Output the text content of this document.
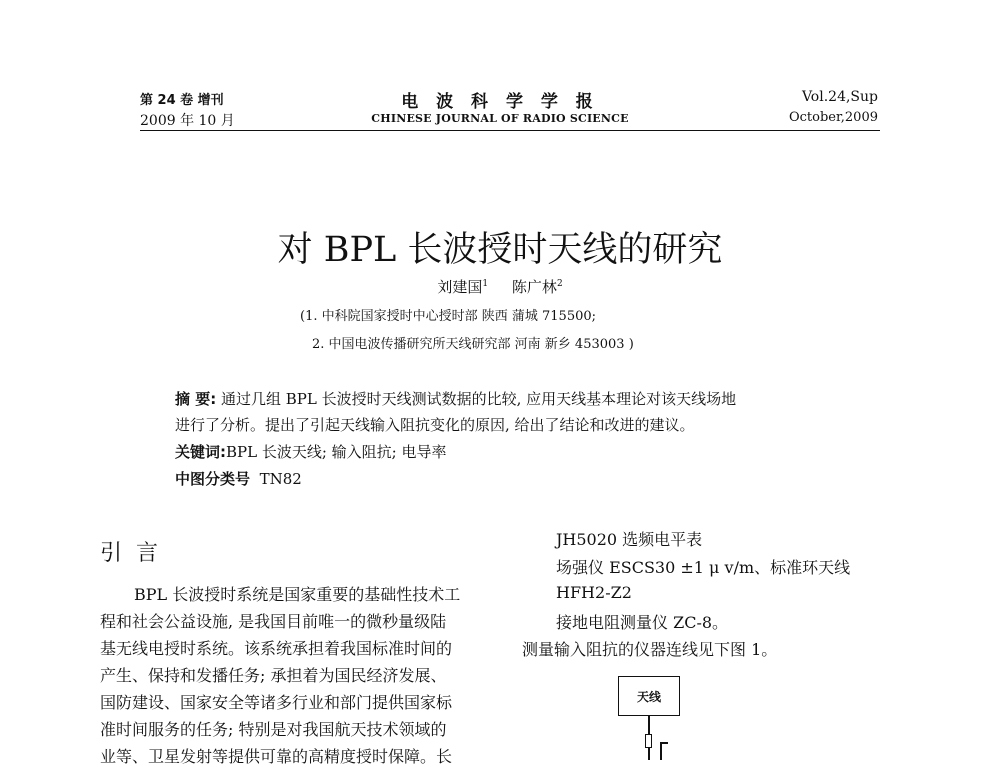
第 24 卷 增刊
2009 年 10 月
电 波 科 学 学 报
CHINESE JOURNAL OF RADIO SCIENCE
Vol.24,Sup
October,2009
对 BPL 长波授时天线的研究
刘建国$^1$ 陈广林$^2$
(1. 中科院国家授时中心授时部 陕西 蒲城 715500;
2. 中国电波传播研究所天线研究部 河南 新乡 453003 )
摘 要: 通过几组 BPL 长波授时天线测试数据的比较, 应用天线基本理论对该天线场地
进行了分析。提出了引起天线输入阻抗变化的原因, 给出了结论和改进的建议。
关键词:BPL 长波天线; 输入阻抗; 电导率
中图分类号 TN82
引言
BPL 长波授时系统是国家重要的基础性技术工
程和社会公益设施, 是我国目前唯一的微秒量级陆
基无线电授时系统。该系统承担着我国标准时间的
产生、保持和发播任务; 承担着为国民经济发展、
国防建设、国家安全等诸多行业和部门提供国家标
准时间服务的任务; 特别是对我国航天技术领域的
业等、卫星发射等提供可靠的高精度授时保障。长
JH5020 选频电平表
场强仪 ESCS30 ±1 μ v/m、标准环天线
HFH2-Z2
接地电阻测量仪 ZC-8。
测量输入阻抗的仪器连线见下图 1。
天线
